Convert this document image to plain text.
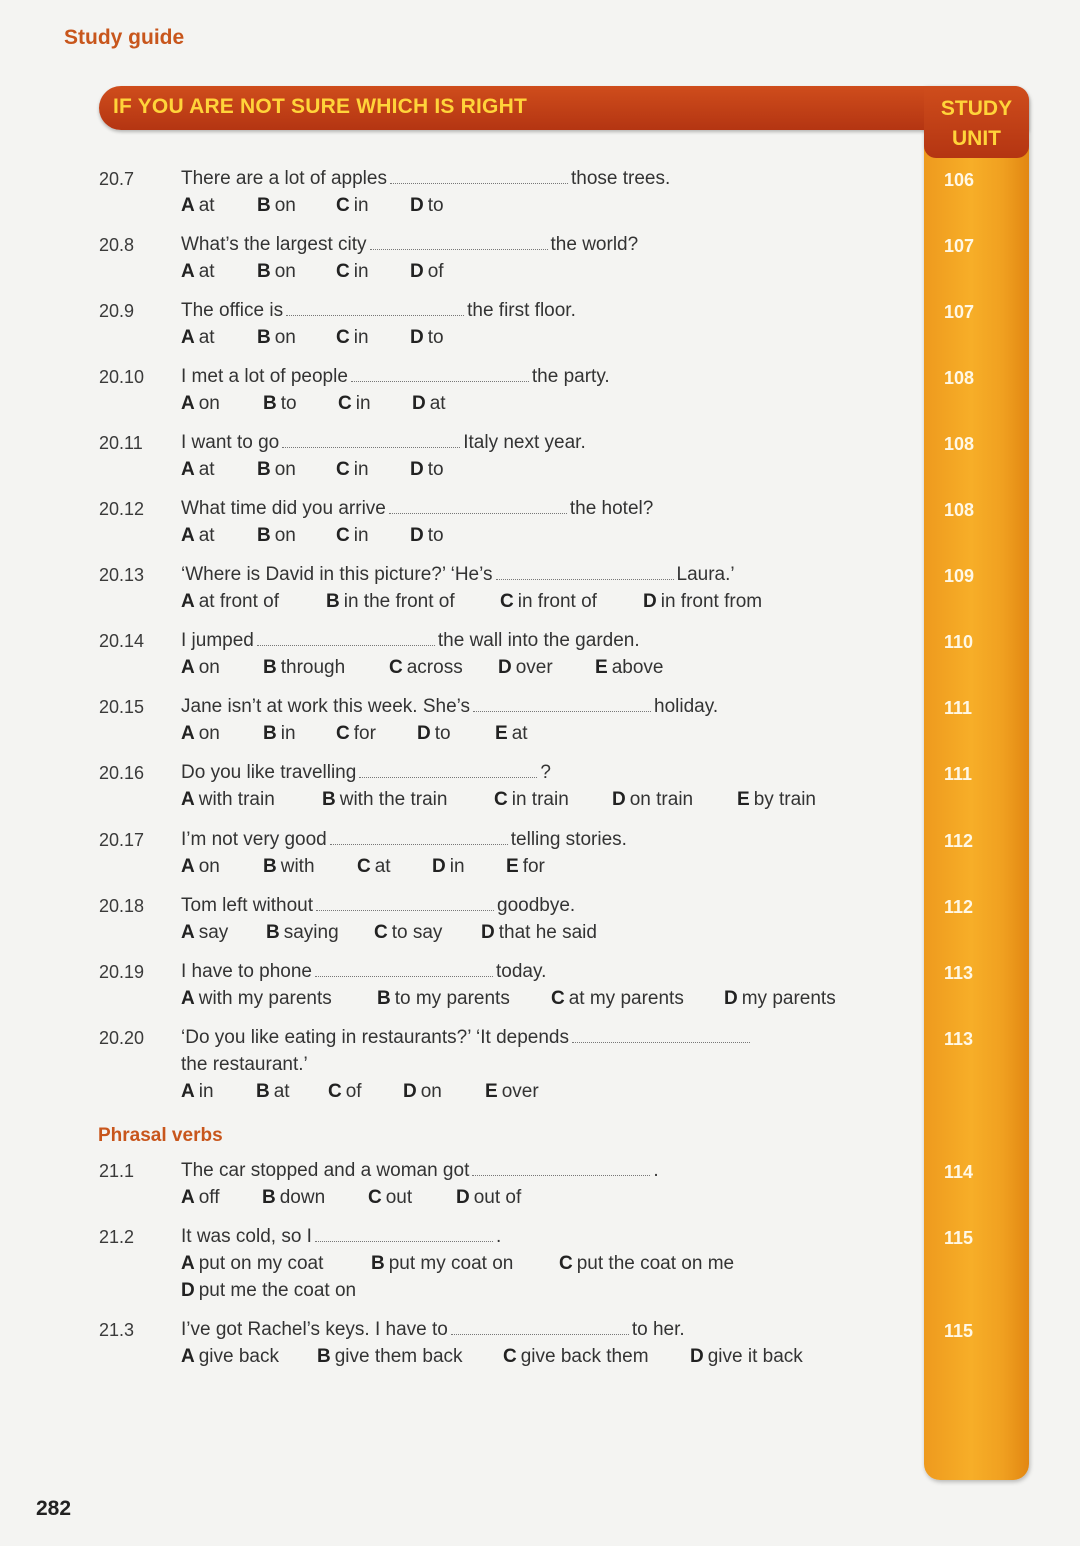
Study guide
IF YOU ARE NOT SURE WHICH IS RIGHT	STUDY
UNIT
Phrasal verbs
20.7 There are a lot of apples	those trees.
A at B on C in D to
106
20.8 What’s the largest city	the world?
A at B on C in D of
107
20.9 The office is	the first floor.
A at B on C in D to
107
20.10 I met a lot of people	the party.
A on B to C in D at
108
20.11 I want to go	Italy next year.
A at B on C in D to
108
20.12 What time did you arrive	the hotel?
A at B on C in D to
108
20.13 ‘Where is David in this picture?’ ‘He’s	Laura.’
A at front of B in the front of C in front of D in front from
109
20.14 I jumped	the wall into the garden.
A on B through C across D over E above
110
20.15 Jane isn’t at work this week. She’s	holiday.
A on B in C for D to E at
111
20.16 Do you like travelling	?
A with train B with the train C in train D on train E by train
111
20.17 I’m not very good	telling stories.
A on B with C at D in E for
112
20.18 Tom left without	goodbye.
A say B saying C to say D that he said
112
20.19 I have to phone	today.
A with my parents B to my parents C at my parents D my parents
113
20.20 ‘Do you like eating in restaurants?’ ‘It depends
the restaurant.’
A in B at C of D on E over
113
21.1 The car stopped and a woman got	.
A off B down C out D out of
114
21.2 It was cold, so I	.
A put on my coat	B put my coat on C put the coat on me
D put me the coat on
115
21.3 I’ve got Rachel’s keys. I have to	to her.
A give back B give them back C give back them D give it back
115
282
